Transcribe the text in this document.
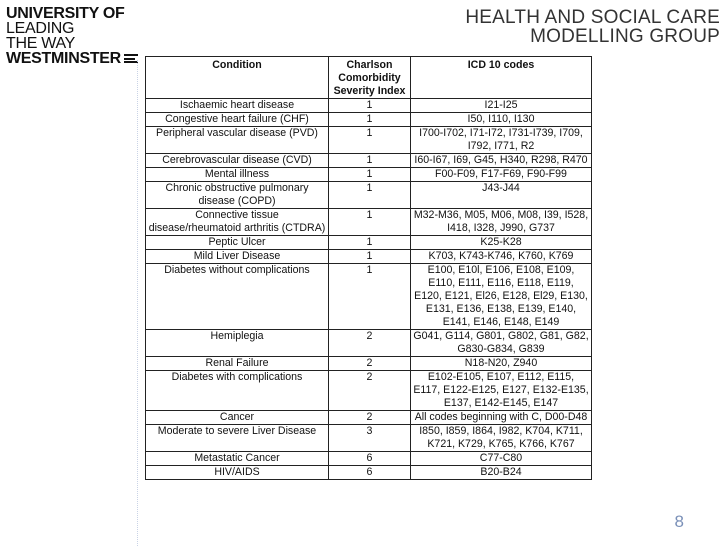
UNIVERSITY OF
LEADING
THE WAY
WESTMINSTER
HEALTH AND SOCIAL CARE
MODELLING GROUP
Condition	Charlson Comorbidity Severity Index	ICD 10 codes
Ischaemic heart disease	1	I21-I25
Congestive heart failure (CHF)	1	I50, I110, I130
Peripheral vascular disease (PVD)	1	I700-I702, I71-I72, I731-I739, I709, I792, I771, R2
Cerebrovascular disease (CVD)	1	I60-I67, I69, G45, H340, R298, R470
Mental illness	1	F00-F09, F17-F69, F90-F99
Chronic obstructive pulmonary disease (COPD)	1	J43-J44
Connective tissue disease/rheumatoid arthritis (CTDRA)	1	M32-M36, M05, M06, M08, I39, I528, I418, I328, J990, G737
Peptic Ulcer	1	K25-K28
Mild Liver Disease	1	K703, K743-K746, K760, K769
Diabetes without complications	1	E100, E10l, E106, E108, E109, E110, E111, E116, E118, E119, E120, E121, El26, E128, El29, E130, E131, E136, E138, E139, E140, E141, E146, E148, E149
Hemiplegia	2	G041, G114, G801, G802, G81, G82, G830-G834, G839
Renal Failure	2	N18-N20, Z940
Diabetes with complications	2	E102-E105, E107, E112, E115, E117, E122-E125, E127, E132-E135, E137, E142-E145, E147
Cancer	2	All codes beginning with C, D00-D48
Moderate to severe Liver Disease	3	I850, I859, I864, I982, K704, K711, K721, K729, K765, K766, K767
Metastatic Cancer	6	C77-C80
HIV/AIDS	6	B20-B24
8
